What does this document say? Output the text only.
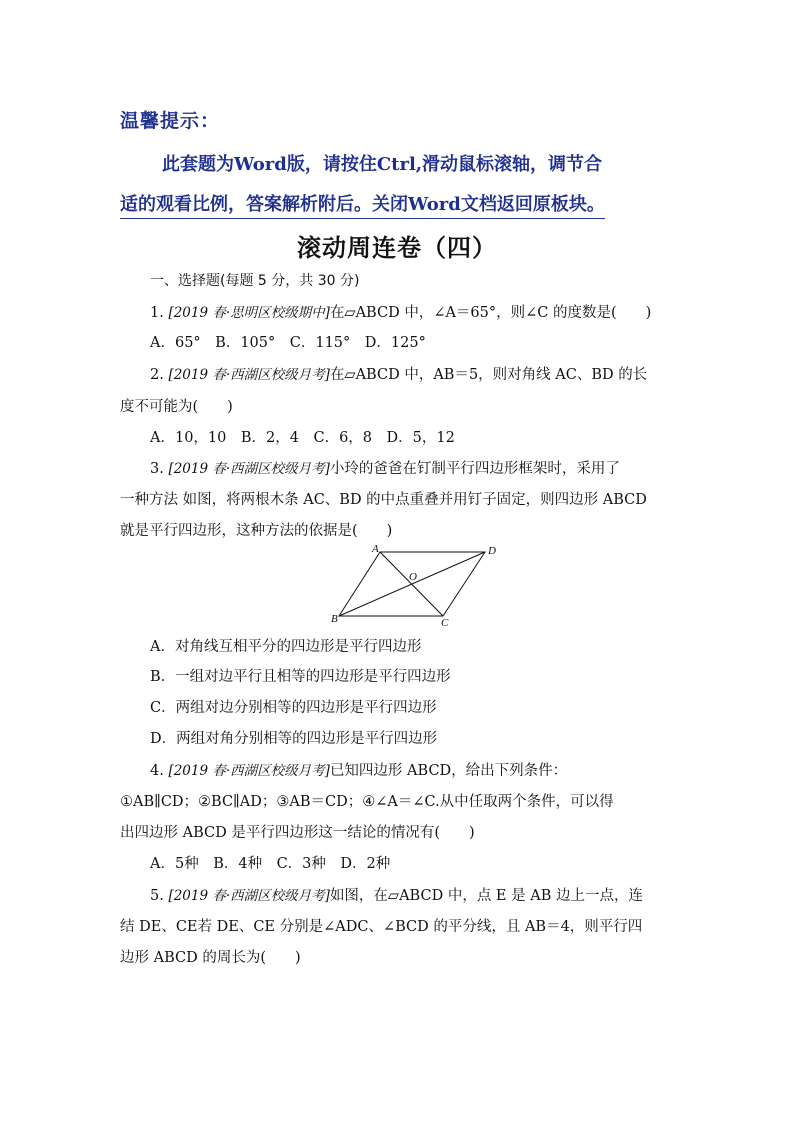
温馨提示：
此套题为Word版，请按住Ctrl,滑动鼠标滚轴，调节合
适的观看比例，答案解析附后。关闭Word文档返回原板块。
滚动周连卷（四）
一、选择题(每题 5 分，共 30 分)
1. [2019 春·思明区校级期中]在▱ABCD 中，∠A＝65°，则∠C 的度数是(　　)
A．65°　B．105°　C．115°　D．125°
2. [2019 春·西湖区校级月考]在▱ABCD 中，AB＝5，则对角线 AC、BD 的长
度不可能为(　　)
A．10，10　B．2，4　C．6，8　D．5，12
3. [2019 春·西湖区校级月考]小玲的爸爸在钉制平行四边形框架时，采用了
一种方法 如图，将两根木条 AC、BD 的中点重叠并用钉子固定，则四边形 ABCD
就是平行四边形，这种方法的依据是(　　)
A	D
B	C
O
A．对角线互相平分的四边形是平行四边形
B．一组对边平行且相等的四边形是平行四边形
C．两组对边分别相等的四边形是平行四边形
D．两组对角分别相等的四边形是平行四边形
4. [2019 春·西湖区校级月考]已知四边形 ABCD，给出下列条件：
①AB∥CD；②BC∥AD；③AB＝CD；④∠A＝∠C.从中任取两个条件，可以得
出四边形 ABCD 是平行四边形这一结论的情况有(　　)
A．5种　B．4种　C．3种　D．2种
5. [2019 春·西湖区校级月考]如图，在▱ABCD 中，点 E 是 AB 边上一点，连
结 DE、CE若 DE、CE 分别是∠ADC、∠BCD 的平分线，且 AB＝4，则平行四
边形 ABCD 的周长为(　　)
